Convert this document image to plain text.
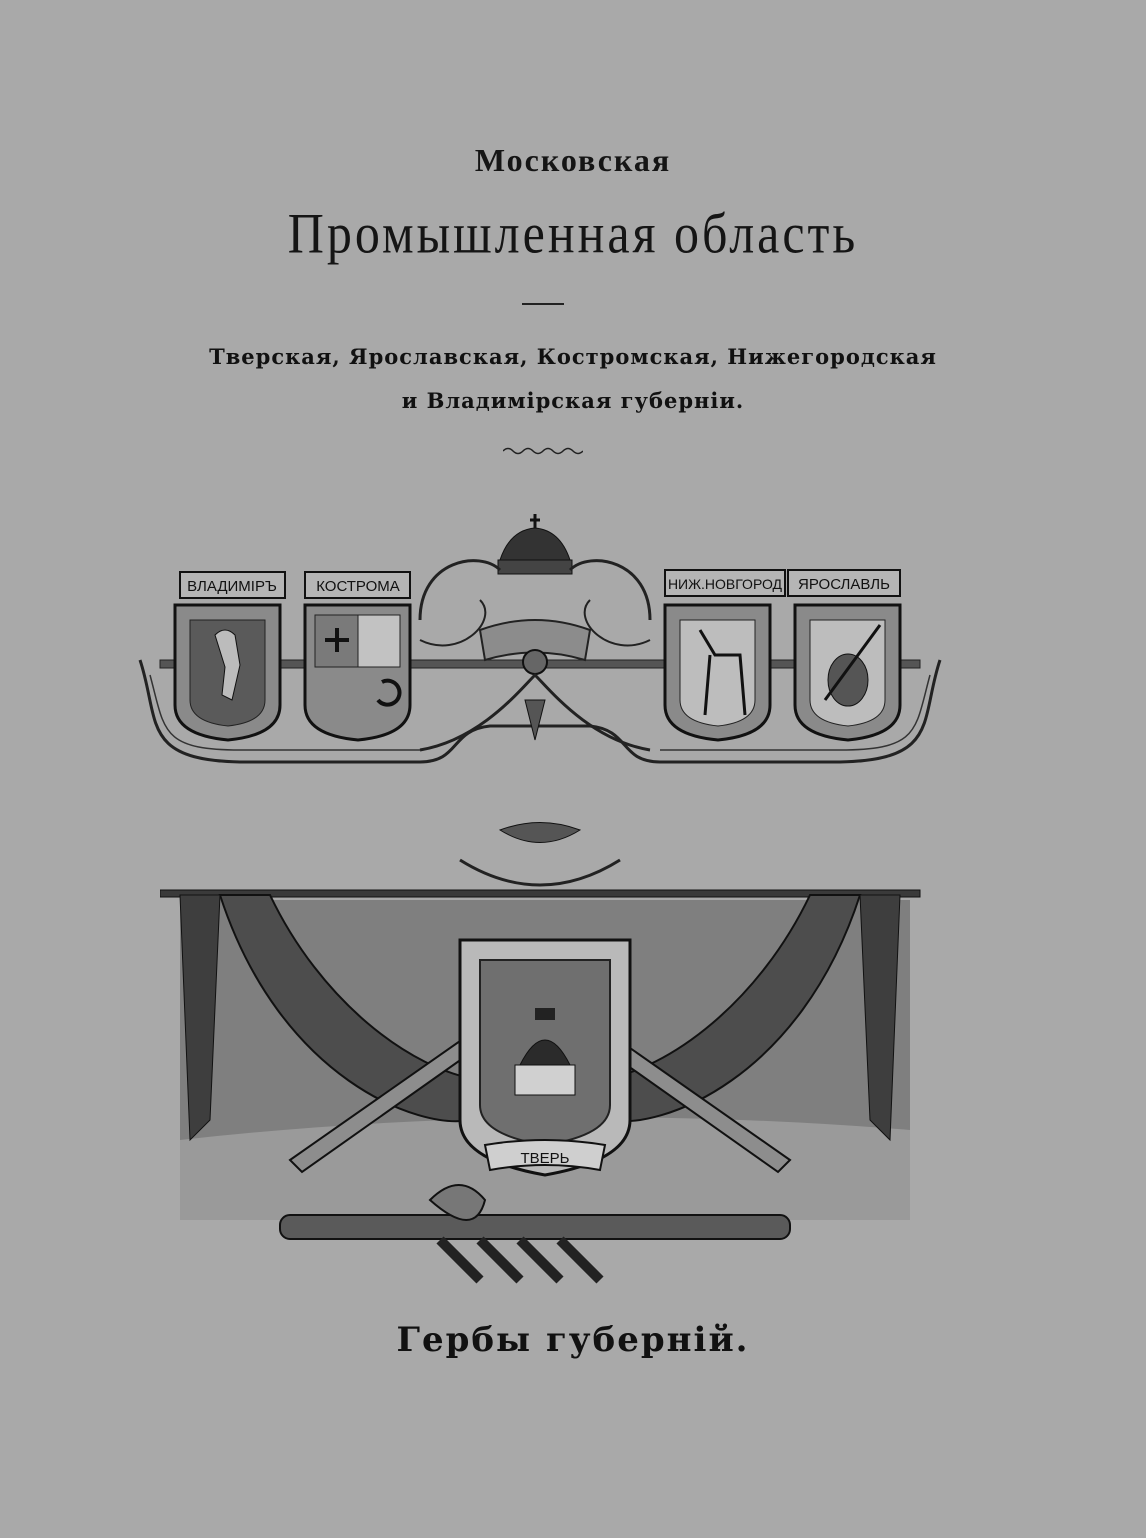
Московская
Промышленная область
Тверская, Ярославская, Костромская, Нижегородская
и Владимірская губерніи.
ВЛАДИМІРЪ	КОСТРОМА	НИЖ.НОВГОРОД ЯРОСЛАВЛЬ
ТВЕРЬ
Гербы губерній.
